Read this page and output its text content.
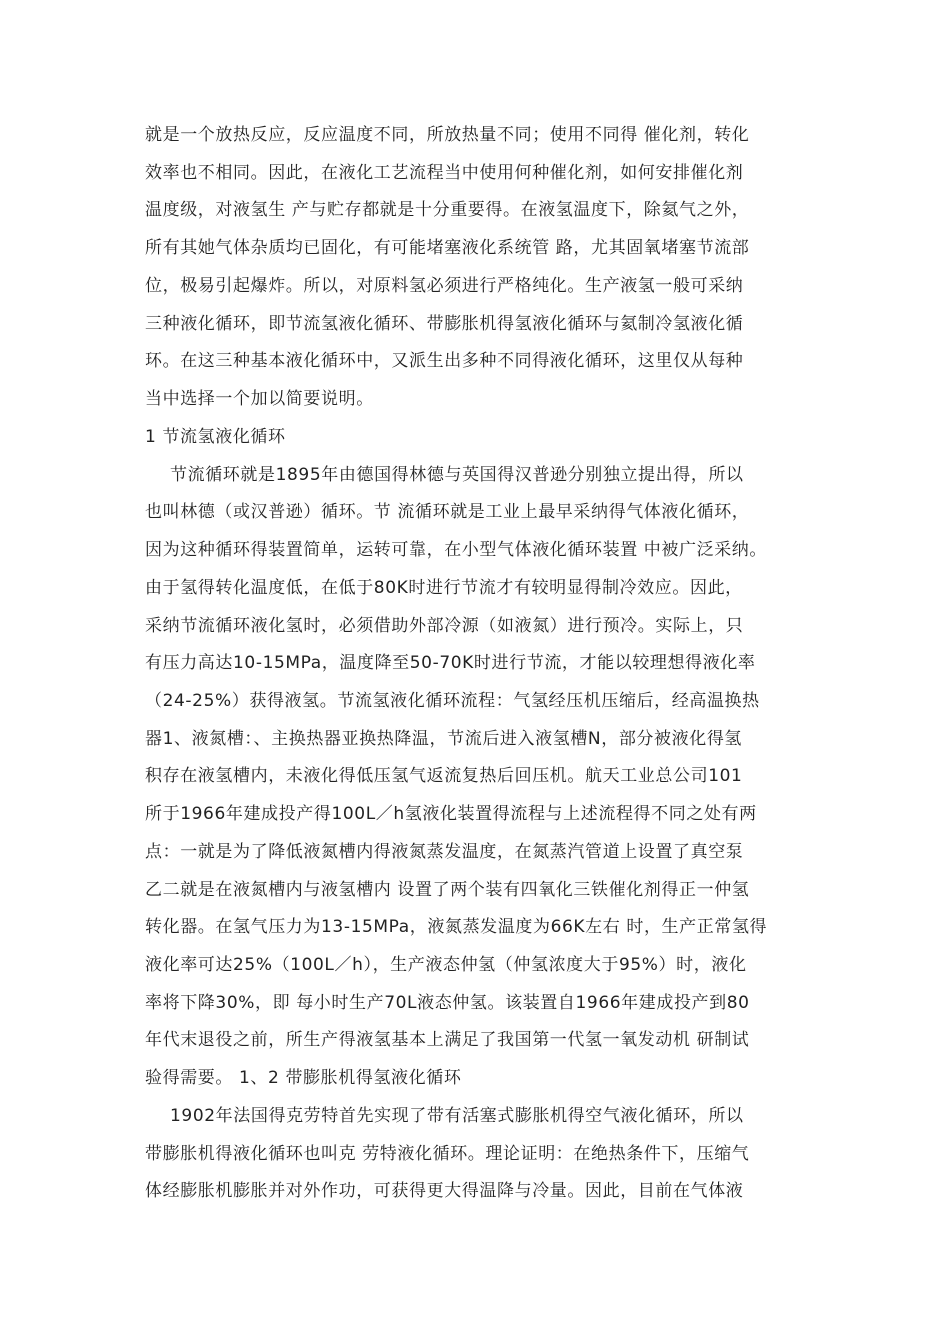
就是一个放热反应，反应温度不同，所放热量不同；使用不同得 催化剂，转化
效率也不相同。因此，在液化工艺流程当中使用何种催化剂，如何安排催化剂
温度级，对液氢生 产与贮存都就是十分重要得。在液氢温度下，除氦气之外，
所有其她气体杂质均已固化，有可能堵塞液化系统管 路，尤其固氧堵塞节流部
位，极易引起爆炸。所以，对原料氢必须进行严格纯化。生产液氢一般可采纳
三种液化循环，即节流氢液化循环、带膨胀机得氢液化循环与氦制冷氢液化循
环。在这三种基本液化循环中，又派生出多种不同得液化循环，这里仅从每种
当中选择一个加以简要说明。
1 节流氢液化循环
节流循环就是1895年由德国得林德与英国得汉普逊分别独立提出得，所以
也叫林德（或汉普逊）循环。节 流循环就是工业上最早采纳得气体液化循环，
因为这种循环得装置简单，运转可靠，在小型气体液化循环装置 中被广泛采纳。
由于氢得转化温度低，在低于80K时进行节流才有较明显得制冷效应。因此，
采纳节流循环液化氢时，必须借助外部冷源（如液氮）进行预冷。实际上，只
有压力高达10-15MPa，温度降至50-70K时进行节流，才能以较理想得液化率
（24-25%）获得液氢。节流氢液化循环流程：气氢经压机压缩后，经高温换热
器1、液氮槽：、主换热器亚换热降温，节流后进入液氢槽N，部分被液化得氢
积存在液氢槽内，未液化得低压氢气返流复热后回压机。航天工业总公司101
所于1966年建成投产得100L／h氢液化装置得流程与上述流程得不同之处有两
点：一就是为了降低液氮槽内得液氮蒸发温度，在氮蒸汽管道上设置了真空泵
乙二就是在液氮槽内与液氢槽内 设置了两个装有四氧化三铁催化剂得正一仲氢
转化器。在氢气压力为13-15MPa，液氮蒸发温度为66K左右 时，生产正常氢得
液化率可达25%（100L／h），生产液态仲氢（仲氢浓度大于95%）时，液化
率将下降30%，即 每小时生产70L液态仲氢。该装置自1966年建成投产到80
年代末退役之前，所生产得液氢基本上满足了我国第一代氢一氧发动机 研制试
验得需要。 1、2 带膨胀机得氢液化循环
1902年法国得克劳特首先实现了带有活塞式膨胀机得空气液化循环，所以
带膨胀机得液化循环也叫克 劳特液化循环。理论证明：在绝热条件下，压缩气
体经膨胀机膨胀并对外作功，可获得更大得温降与冷量。因此，目前在气体液
